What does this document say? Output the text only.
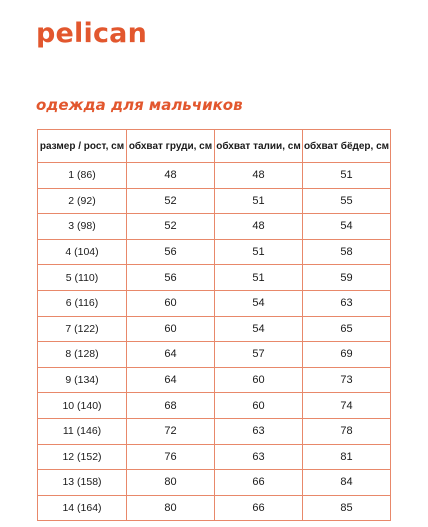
pelican
одежда для мальчиков
размер / рост, см	обхват груди, см	обхват талии, см	обхват бёдер, см
1 (86)	48	48	51
2 (92)	52	51	55
3 (98)	52	48	54
4 (104)	56	51	58
5 (110)	56	51	59
6 (116)	60	54	63
7 (122)	60	54	65
8 (128)	64	57	69
9 (134)	64	60	73
10 (140)	68	60	74
11 (146)	72	63	78
12 (152)	76	63	81
13 (158)	80	66	84
14 (164)	80	66	85
